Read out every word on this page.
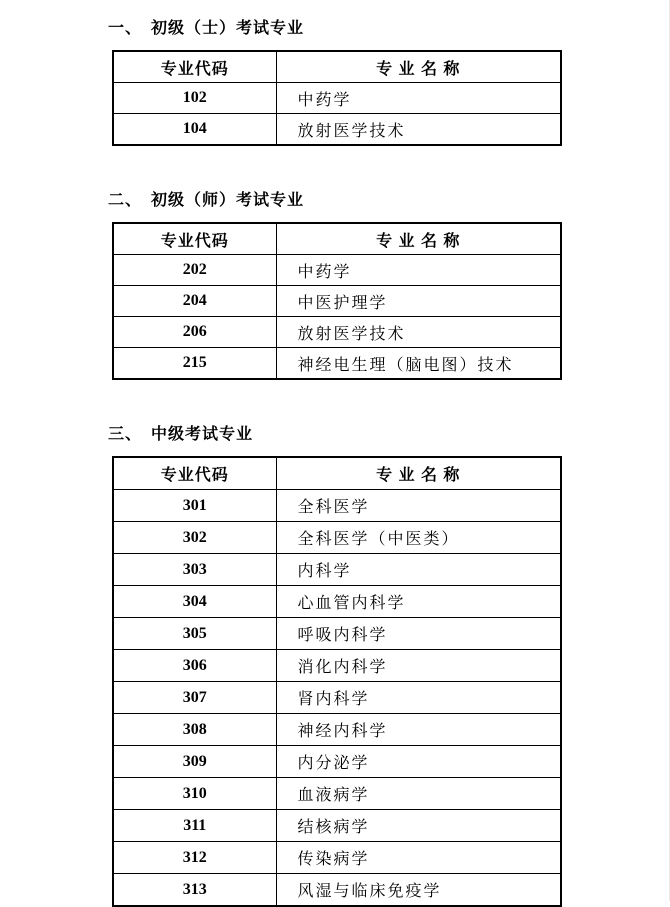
一、 初级（士）考试专业
专业代码	专 业 名 称
102	中药学
104	放射医学技术
二、 初级（师）考试专业
专业代码	专 业 名 称
202	中药学
204	中医护理学
206	放射医学技术
215	神经电生理（脑电图）技术
三、 中级考试专业
专业代码	专 业 名 称
301	全科医学
302	全科医学（中医类）
303	内科学
304	心血管内科学
305	呼吸内科学
306	消化内科学
307	肾内科学
308	神经内科学
309	内分泌学
310	血液病学
311	结核病学
312	传染病学
313	风湿与临床免疫学
